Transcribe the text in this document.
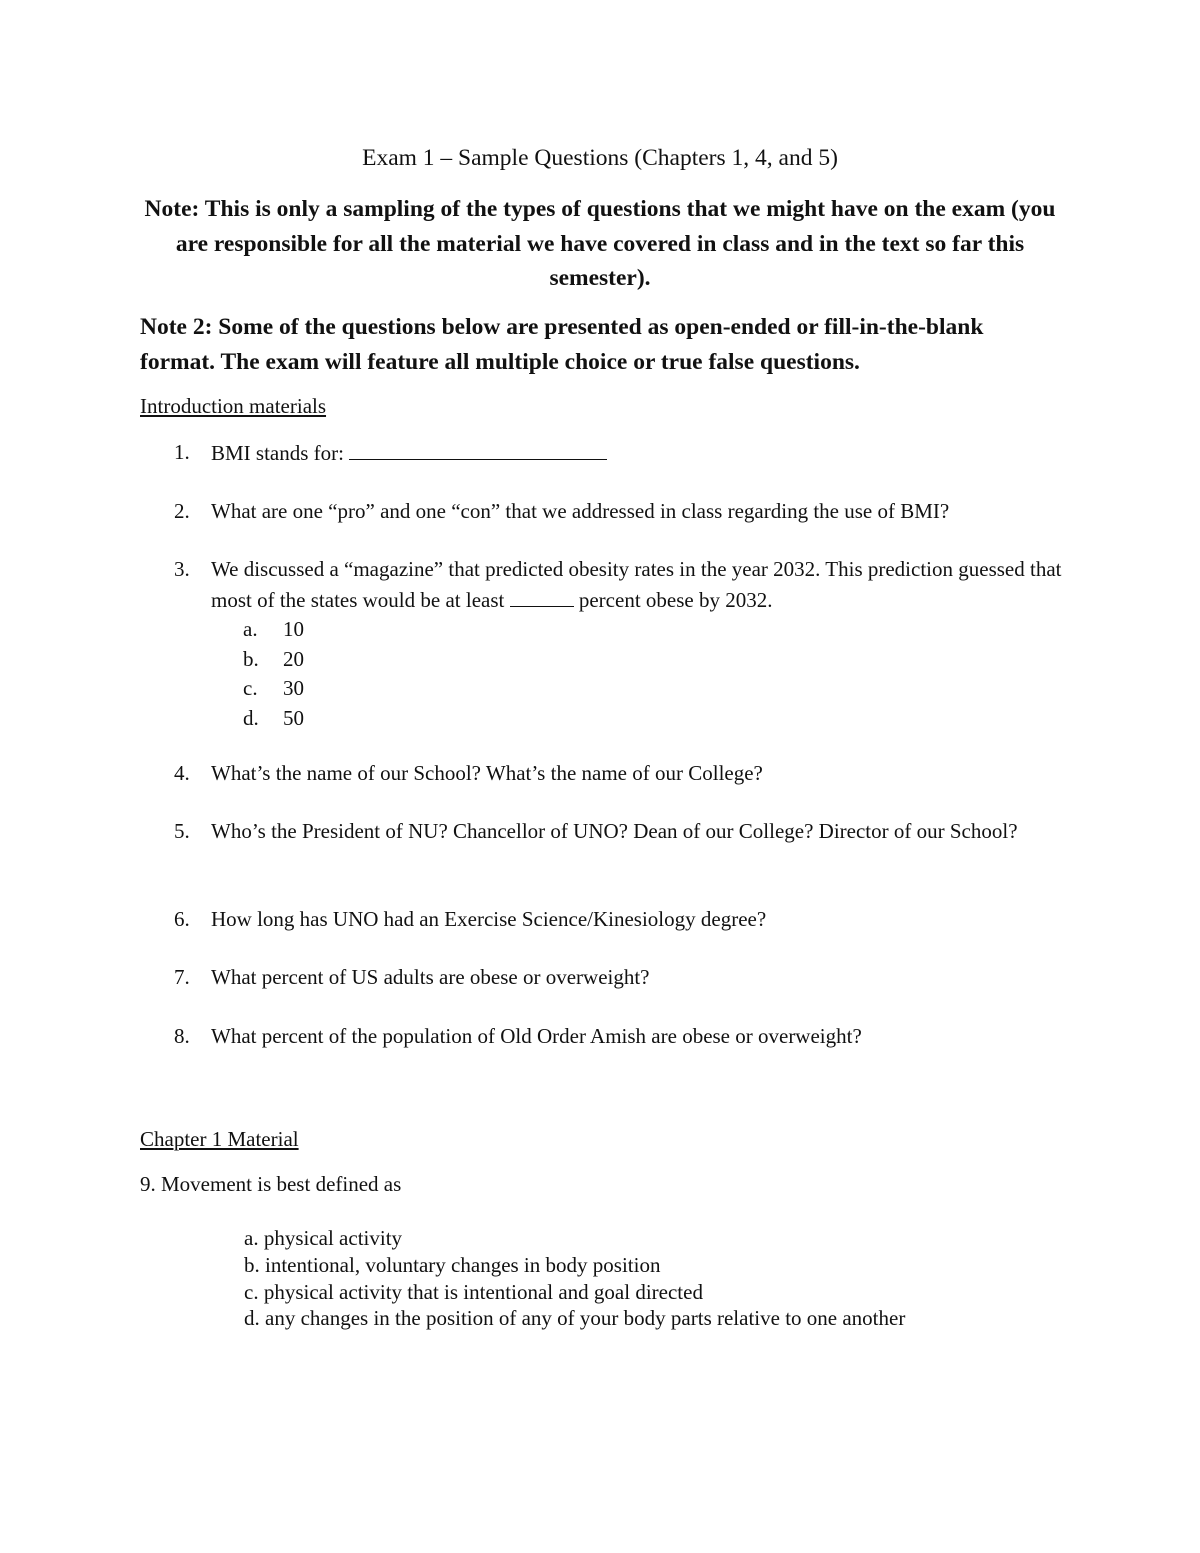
Exam 1 – Sample Questions (Chapters 1, 4, and 5)
Note: This is only a sampling of the types of questions that we might have on the exam (you are responsible for all the material we have covered in class and in the text so far this semester).
Note 2: Some of the questions below are presented as open-ended or fill-in-the-blank format. The exam will feature all multiple choice or true false questions.
Introduction materials
1.	BMI stands for:
2.	What are one “pro” and one “con” that we addressed in class regarding the use of BMI?
3.	We discussed a “magazine” that predicted obesity rates in the year 2032. This prediction guessed that most of the states would be at least	percent obese by 2032.
a. 10
b. 20
c. 30
d. 50
4.	What’s the name of our School? What’s the name of our College?
5.	Who’s the President of NU? Chancellor of UNO? Dean of our College? Director of our School?
6.	How long has UNO had an Exercise Science/Kinesiology degree?
7.	What percent of US adults are obese or overweight?
8.	What percent of the population of Old Order Amish are obese or overweight?
Chapter 1 Material
9. Movement is best defined as
a. physical activity
b. intentional, voluntary changes in body position
c. physical activity that is intentional and goal directed
d. any changes in the position of any of your body parts relative to one another
